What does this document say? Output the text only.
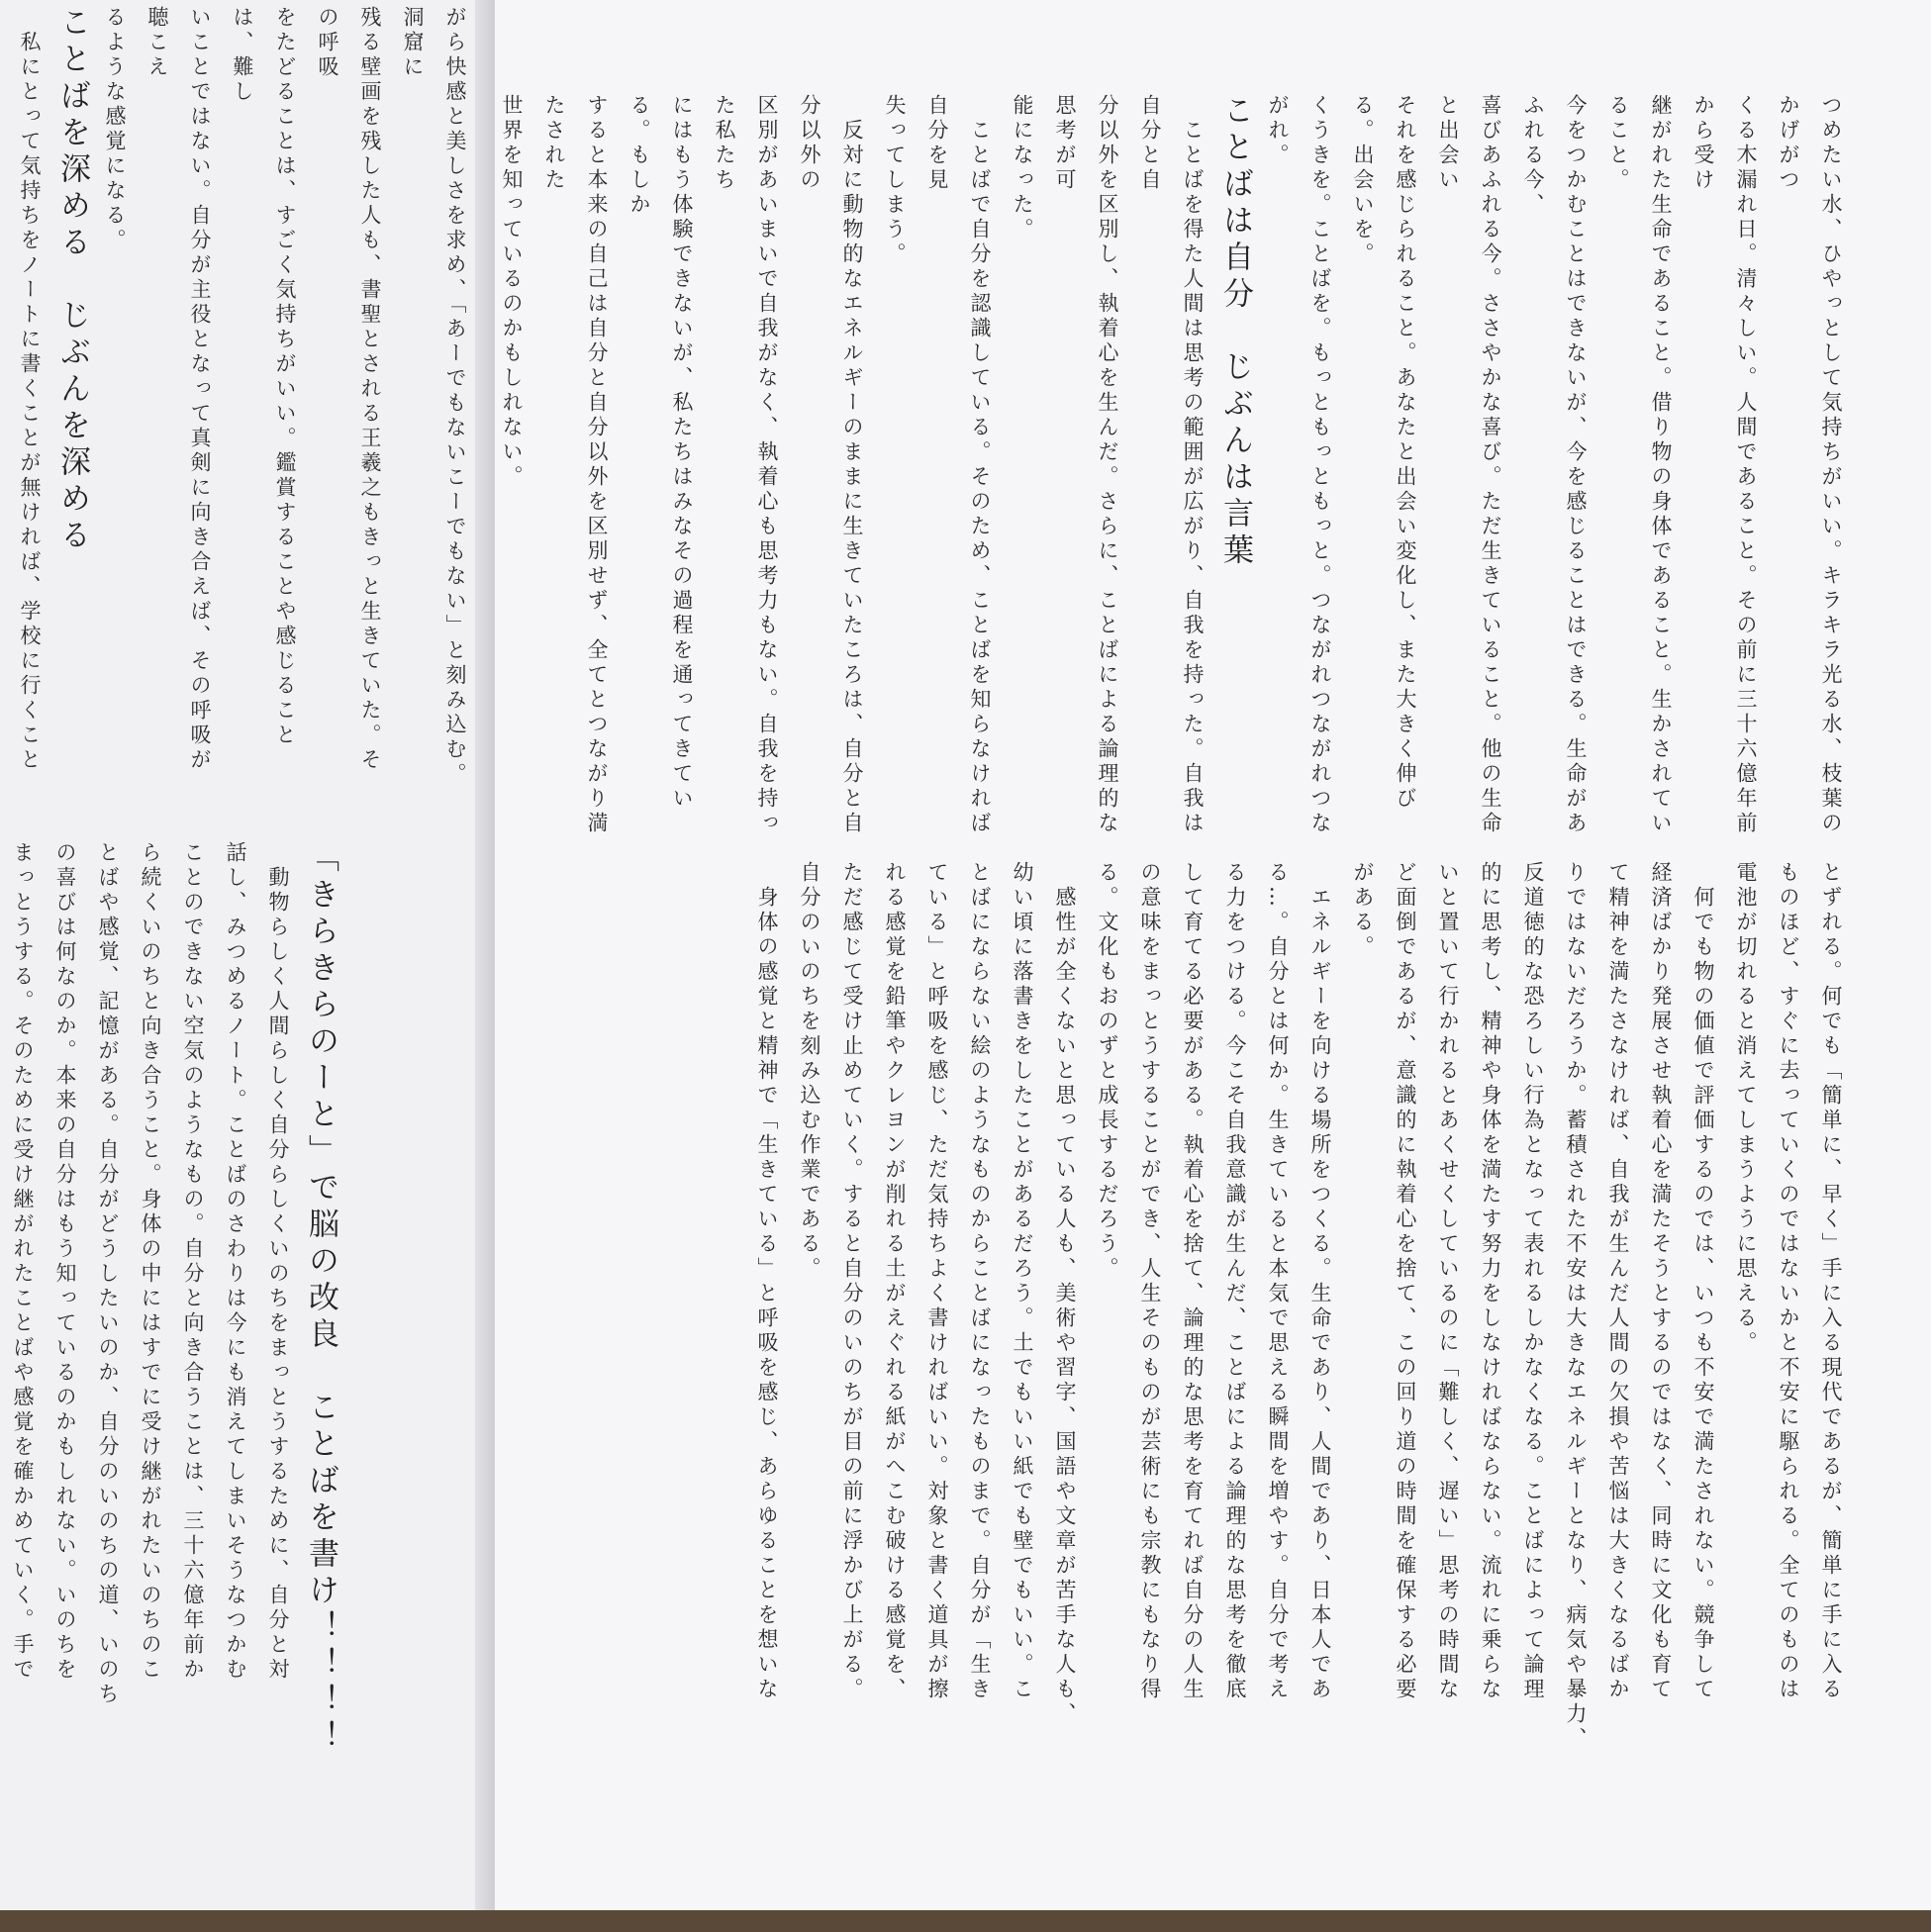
がら快感と美しさを求め、「あーでもないこーでもない」と刻み込む。洞窟に

残る壁画を残した人も、書聖とされる王羲之もきっと生きていた。その呼吸

をたどることは、すごく気持ちがいい。鑑賞することや感じることは、難し

いことではない。自分が主役となって真剣に向き合えば、その呼吸が聴こえ

るような感覚になる。

ことばを深める　じぶんを深める

　私にとって気持ちをノートに書くことが無ければ、学校に行くこと

「きらきらのーと」で脳の改良　ことばを書け！！！！

　動物らしく人間らしく自分らしくいのちをまっとうするために、自分と対

話し、みつめるノート。ことばのさわりは今にも消えてしまいそうなつかむ

ことのできない空気のようなもの。自分と向き合うことは、三十六億年前か

ら続くいのちと向き合うこと。身体の中にはすでに受け継がれたいのちのこ

とばや感覚、記憶がある。自分がどうしたいのか、自分のいのちの道、いのち

の喜びは何なのか。本来の自分はもう知っているのかもしれない。いのちを

まっとうする。そのために受け継がれたことばや感覚を確かめていく。手で

つめたい水、ひやっとして気持ちがいい。キラキラ光る水、枝葉のかげがつ

くる木漏れ日。清々しい。人間であること。その前に三十六億年前から受け

継がれた生命であること。借り物の身体であること。生かされていること。

今をつかむことはできないが、今を感じることはできる。生命があふれる今、

喜びあふれる今。ささやかな喜び。ただ生きていること。他の生命と出会い

それを感じられること。あなたと出会い変化し、また大きく伸びる。出会いを。

くうきを。ことばを。もっともっともっと。つながれつながれつながれ。

ことばは自分　じぶんは言葉

　ことばを得た人間は思考の範囲が広がり、自我を持った。自我は自分と自

分以外を区別し、執着心を生んだ。さらに、ことばによる論理的な思考が可

能になった。

　ことばで自分を認識している。そのため、ことばを知らなければ自分を見

失ってしまう。

　反対に動物的なエネルギーのままに生きていたころは、自分と自分以外の

区別があいまいで自我がなく、執着心も思考力もない。自我を持った私たち

にはもう体験できないが、私たちはみなその過程を通ってきている。もしか

すると本来の自己は自分と自分以外を区別せず、全てとつながり満たされた

世界を知っているのかもしれない。

とずれる。何でも「簡単に、早く」手に入る現代であるが、簡単に手に入る

ものほど、すぐに去っていくのではないかと不安に駆られる。全てのものは

電池が切れると消えてしまうように思える。

　何でも物の価値で評価するのでは、いつも不安で満たされない。競争して

経済ばかり発展させ執着心を満たそうとするのではなく、同時に文化も育て

て精神を満たさなければ、自我が生んだ人間の欠損や苦悩は大きくなるばか

りではないだろうか。蓄積された不安は大きなエネルギーとなり、病気や暴力、

反道徳的な恐ろしい行為となって表れるしかなくなる。ことばによって論理

的に思考し、精神や身体を満たす努力をしなければならない。流れに乗らな

いと置いて行かれるとあくせくしているのに「難しく、遅い」思考の時間な

ど面倒であるが、意識的に執着心を捨て、この回り道の時間を確保する必要

がある。

　エネルギーを向ける場所をつくる。生命であり、人間であり、日本人であ

る…。自分とは何か。生きていると本気で思える瞬間を増やす。自分で考え

る力をつける。今こそ自我意識が生んだ、ことばによる論理的な思考を徹底

して育てる必要がある。執着心を捨て、論理的な思考を育てれば自分の人生

の意味をまっとうすることができ、人生そのものが芸術にも宗教にもなり得

る。文化もおのずと成長するだろう。

　感性が全くないと思っている人も、美術や習字、国語や文章が苦手な人も、

幼い頃に落書きをしたことがあるだろう。土でもいい紙でも壁でもいい。こ

とばにならない絵のようなものからことばになったものまで。自分が「生き

ている」と呼吸を感じ、ただ気持ちよく書ければいい。対象と書く道具が擦

れる感覚を鉛筆やクレヨンが削れる土がえぐれる紙がへこむ破ける感覚を、

ただ感じて受け止めていく。すると自分のいのちが目の前に浮かび上がる。

自分のいのちを刻み込む作業である。

　身体の感覚と精神で「生きている」と呼吸を感じ、あらゆることを想いな
